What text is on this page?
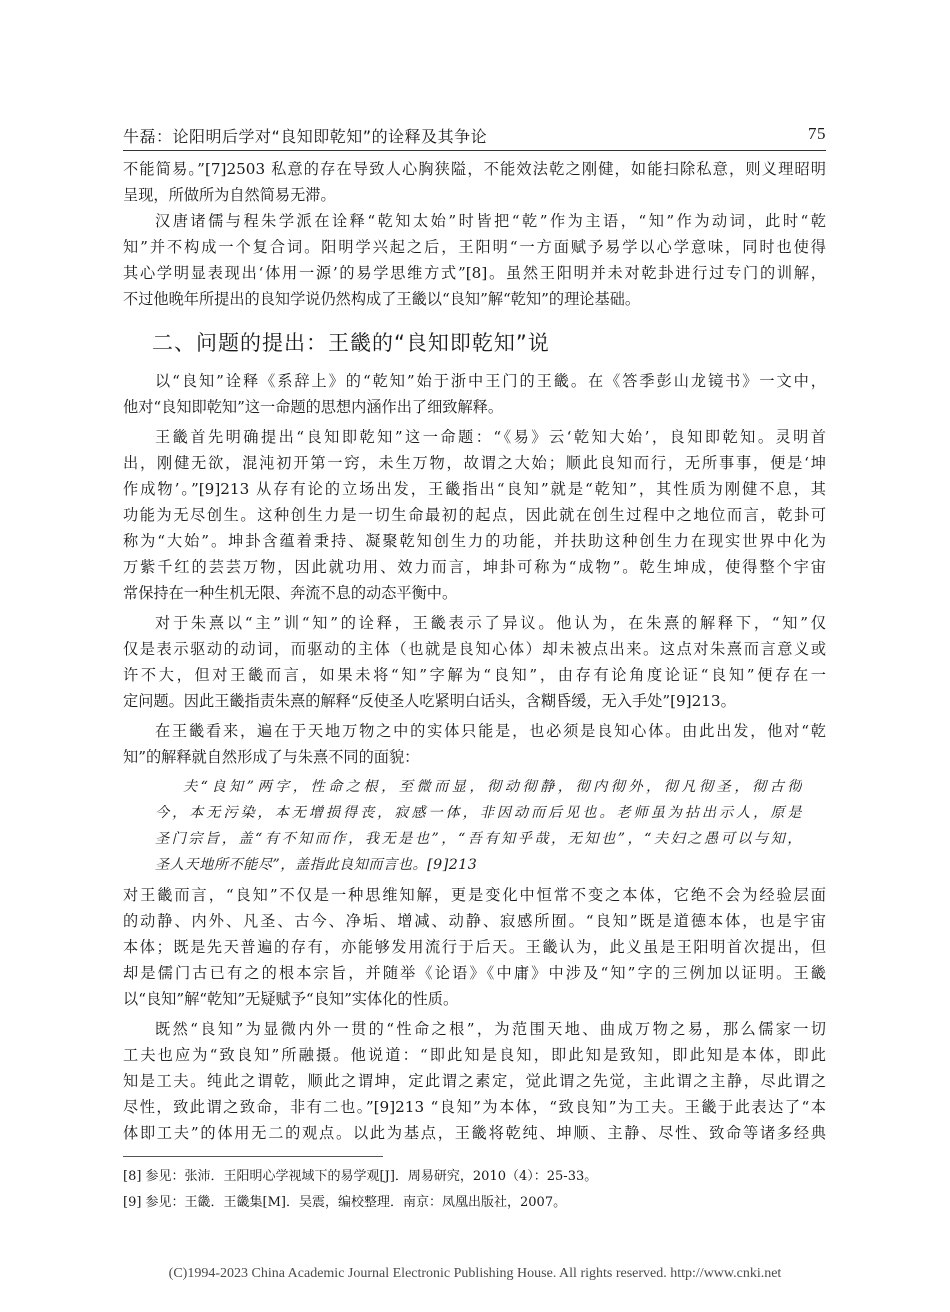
牛磊：论阳明后学对“良知即乾知”的诠释及其争论	75
不能简易。”[7]2503 私意的存在导致人心胸狭隘，不能效法乾之刚健，如能扫除私意，则义理昭明
呈现，所做所为自然简易无滞。
汉唐诸儒与程朱学派在诠释“乾知太始”时皆把“乾”作为主语，“知”作为动词，此时“乾
知”并不构成一个复合词。阳明学兴起之后，王阳明“一方面赋予易学以心学意味，同时也使得
其心学明显表现出‘体用一源’的易学思维方式”[8]。虽然王阳明并未对乾卦进行过专门的训解，
不过他晚年所提出的良知学说仍然构成了王畿以“良知”解“乾知”的理论基础。
二、问题的提出：王畿的“良知即乾知”说
以“良知”诠释《系辞上》的“乾知”始于浙中王门的王畿。在《答季彭山龙镜书》一文中，
他对“良知即乾知”这一命题的思想内涵作出了细致解释。
王畿首先明确提出“良知即乾知”这一命题：“《易》云‘乾知大始’，良知即乾知。灵明首
出，刚健无欲，混沌初开第一窍，未生万物，故谓之大始；顺此良知而行，无所事事，便是‘坤
作成物’。”[9]213 从存有论的立场出发，王畿指出“良知”就是“乾知”，其性质为刚健不息，其
功能为无尽创生。这种创生力是一切生命最初的起点，因此就在创生过程中之地位而言，乾卦可
称为“大始”。坤卦含蕴着秉持、凝聚乾知创生力的功能，并扶助这种创生力在现实世界中化为
万紫千红的芸芸万物，因此就功用、效力而言，坤卦可称为“成物”。乾生坤成，使得整个宇宙
常保持在一种生机无限、奔流不息的动态平衡中。
对于朱熹以“主”训“知”的诠释，王畿表示了异议。他认为，在朱熹的解释下，“知”仅
仅是表示驱动的动词，而驱动的主体（也就是良知心体）却未被点出来。这点对朱熹而言意义或
许不大，但对王畿而言，如果未将“知”字解为“良知”，由存有论角度论证“良知”便存在一
定问题。因此王畿指责朱熹的解释“反使圣人吃紧明白话头，含糊昏缓，无入手处”[9]213。
在王畿看来，遍在于天地万物之中的实体只能是，也必须是良知心体。由此出发，他对“乾
知”的解释就自然形成了与朱熹不同的面貌：
夫“良知”两字，性命之根，至微而显，彻动彻静，彻内彻外，彻凡彻圣，彻古彻
今，本无污染，本无增损得丧，寂感一体，非因动而后见也。老师虽为拈出示人，原是
圣门宗旨，盖“有不知而作，我无是也”，“吾有知乎哉，无知也”，“夫妇之愚可以与知，
圣人天地所不能尽”，盖指此良知而言也。[9]213
对王畿而言，“良知”不仅是一种思维知解，更是变化中恒常不变之本体，它绝不会为经验层面
的动静、内外、凡圣、古今、净垢、增减、动静、寂感所囿。“良知”既是道德本体，也是宇宙
本体；既是先天普遍的存有，亦能够发用流行于后天。王畿认为，此义虽是王阳明首次提出，但
却是儒门古已有之的根本宗旨，并随举《论语》《中庸》中涉及“知”字的三例加以证明。王畿
以“良知”解“乾知”无疑赋予“良知”实体化的性质。
既然“良知”为显微内外一贯的“性命之根”，为范围天地、曲成万物之易，那么儒家一切
工夫也应为“致良知”所融摄。他说道：“即此知是良知，即此知是致知，即此知是本体，即此
知是工夫。纯此之谓乾，顺此之谓坤，定此谓之素定，觉此谓之先觉，主此谓之主静，尽此谓之
尽性，致此谓之致命，非有二也。”[9]213 “良知”为本体，“致良知”为工夫。王畿于此表达了“本
体即工夫”的体用无二的观点。以此为基点，王畿将乾纯、坤顺、主静、尽性、致命等诸多经典
[8] 参见：张沛．王阳明心学视域下的易学观[J]．周易研究，2010（4）：25-33。
[9] 参见：王畿．王畿集[M]．吴震，编校整理．南京：凤凰出版社，2007。
(C)1994-2023 China Academic Journal Electronic Publishing House. All rights reserved. http://www.cnki.net
